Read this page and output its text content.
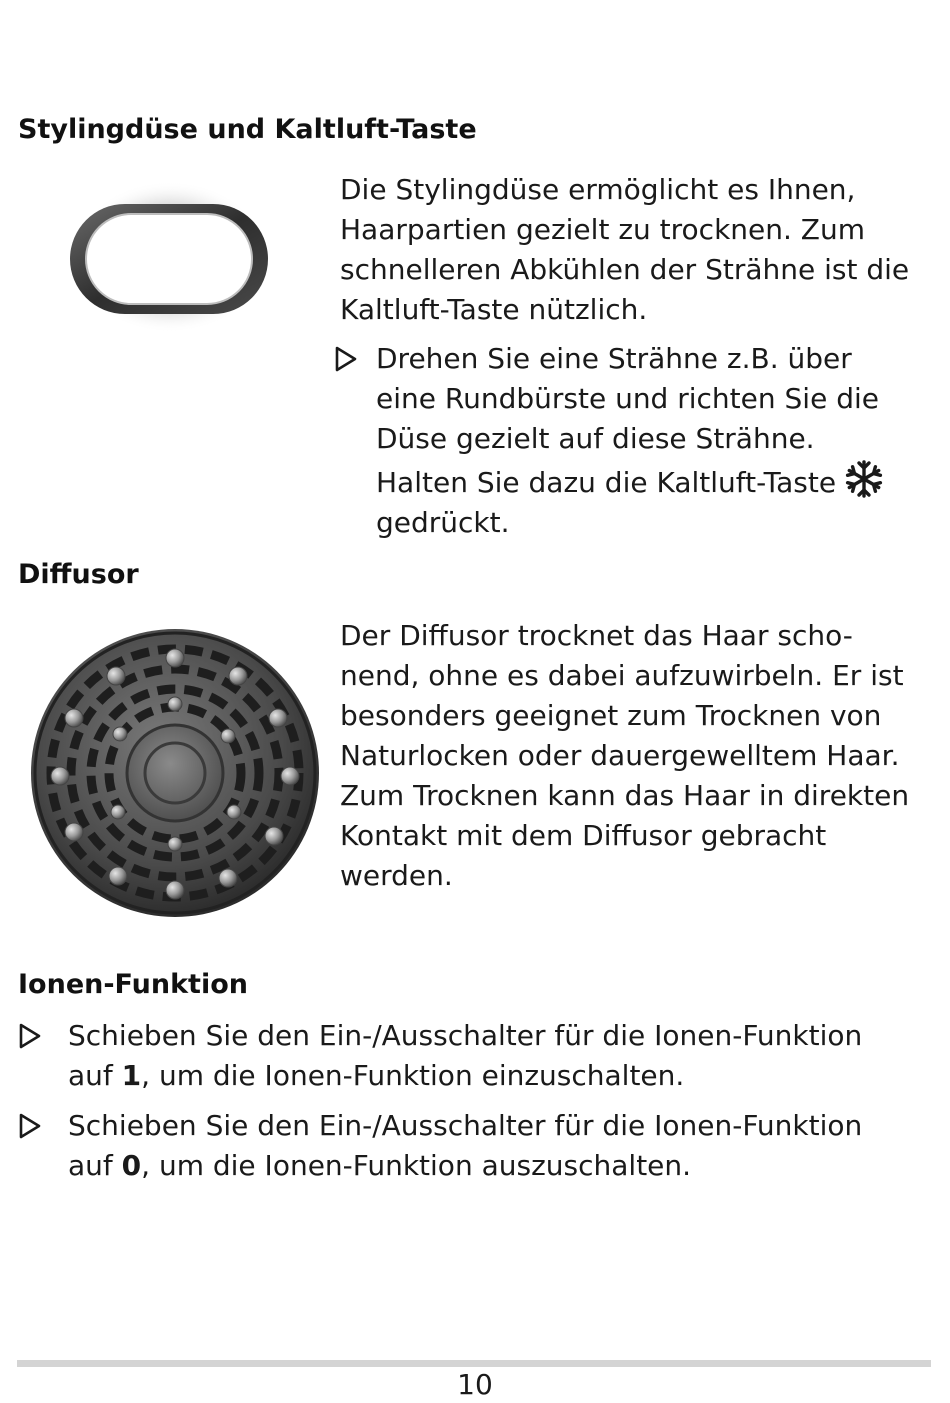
Stylingdüse und Kaltluft-Taste

Die Stylingdüse ermöglicht es Ihnen, Haarpartien gezielt zu trocknen. Zum schnelleren Abkühlen der Strähne ist die Kaltluft-Taste nützlich.

Drehen Sie eine Strähne z.B. über
eine Rundbürste und richten Sie die
Düse gezielt auf diese Strähne.
Halten Sie dazu die Kaltluft-Taste
gedrückt.

Diffusor

Der Diffusor trocknet das Haar scho-
nend, ohne es dabei aufzuwirbeln. Er ist
besonders geeignet zum Trocknen von
Naturlocken oder dauergewelltem Haar.
Zum Trocknen kann das Haar in direkten
Kontakt mit dem Diffusor gebracht
werden.

Ionen-Funktion

Schieben Sie den Ein-/Ausschalter für die Ionen-Funktion
auf 1, um die Ionen-Funktion einzuschalten.

Schieben Sie den Ein-/Ausschalter für die Ionen-Funktion
auf 0, um die Ionen-Funktion auszuschalten.

10
